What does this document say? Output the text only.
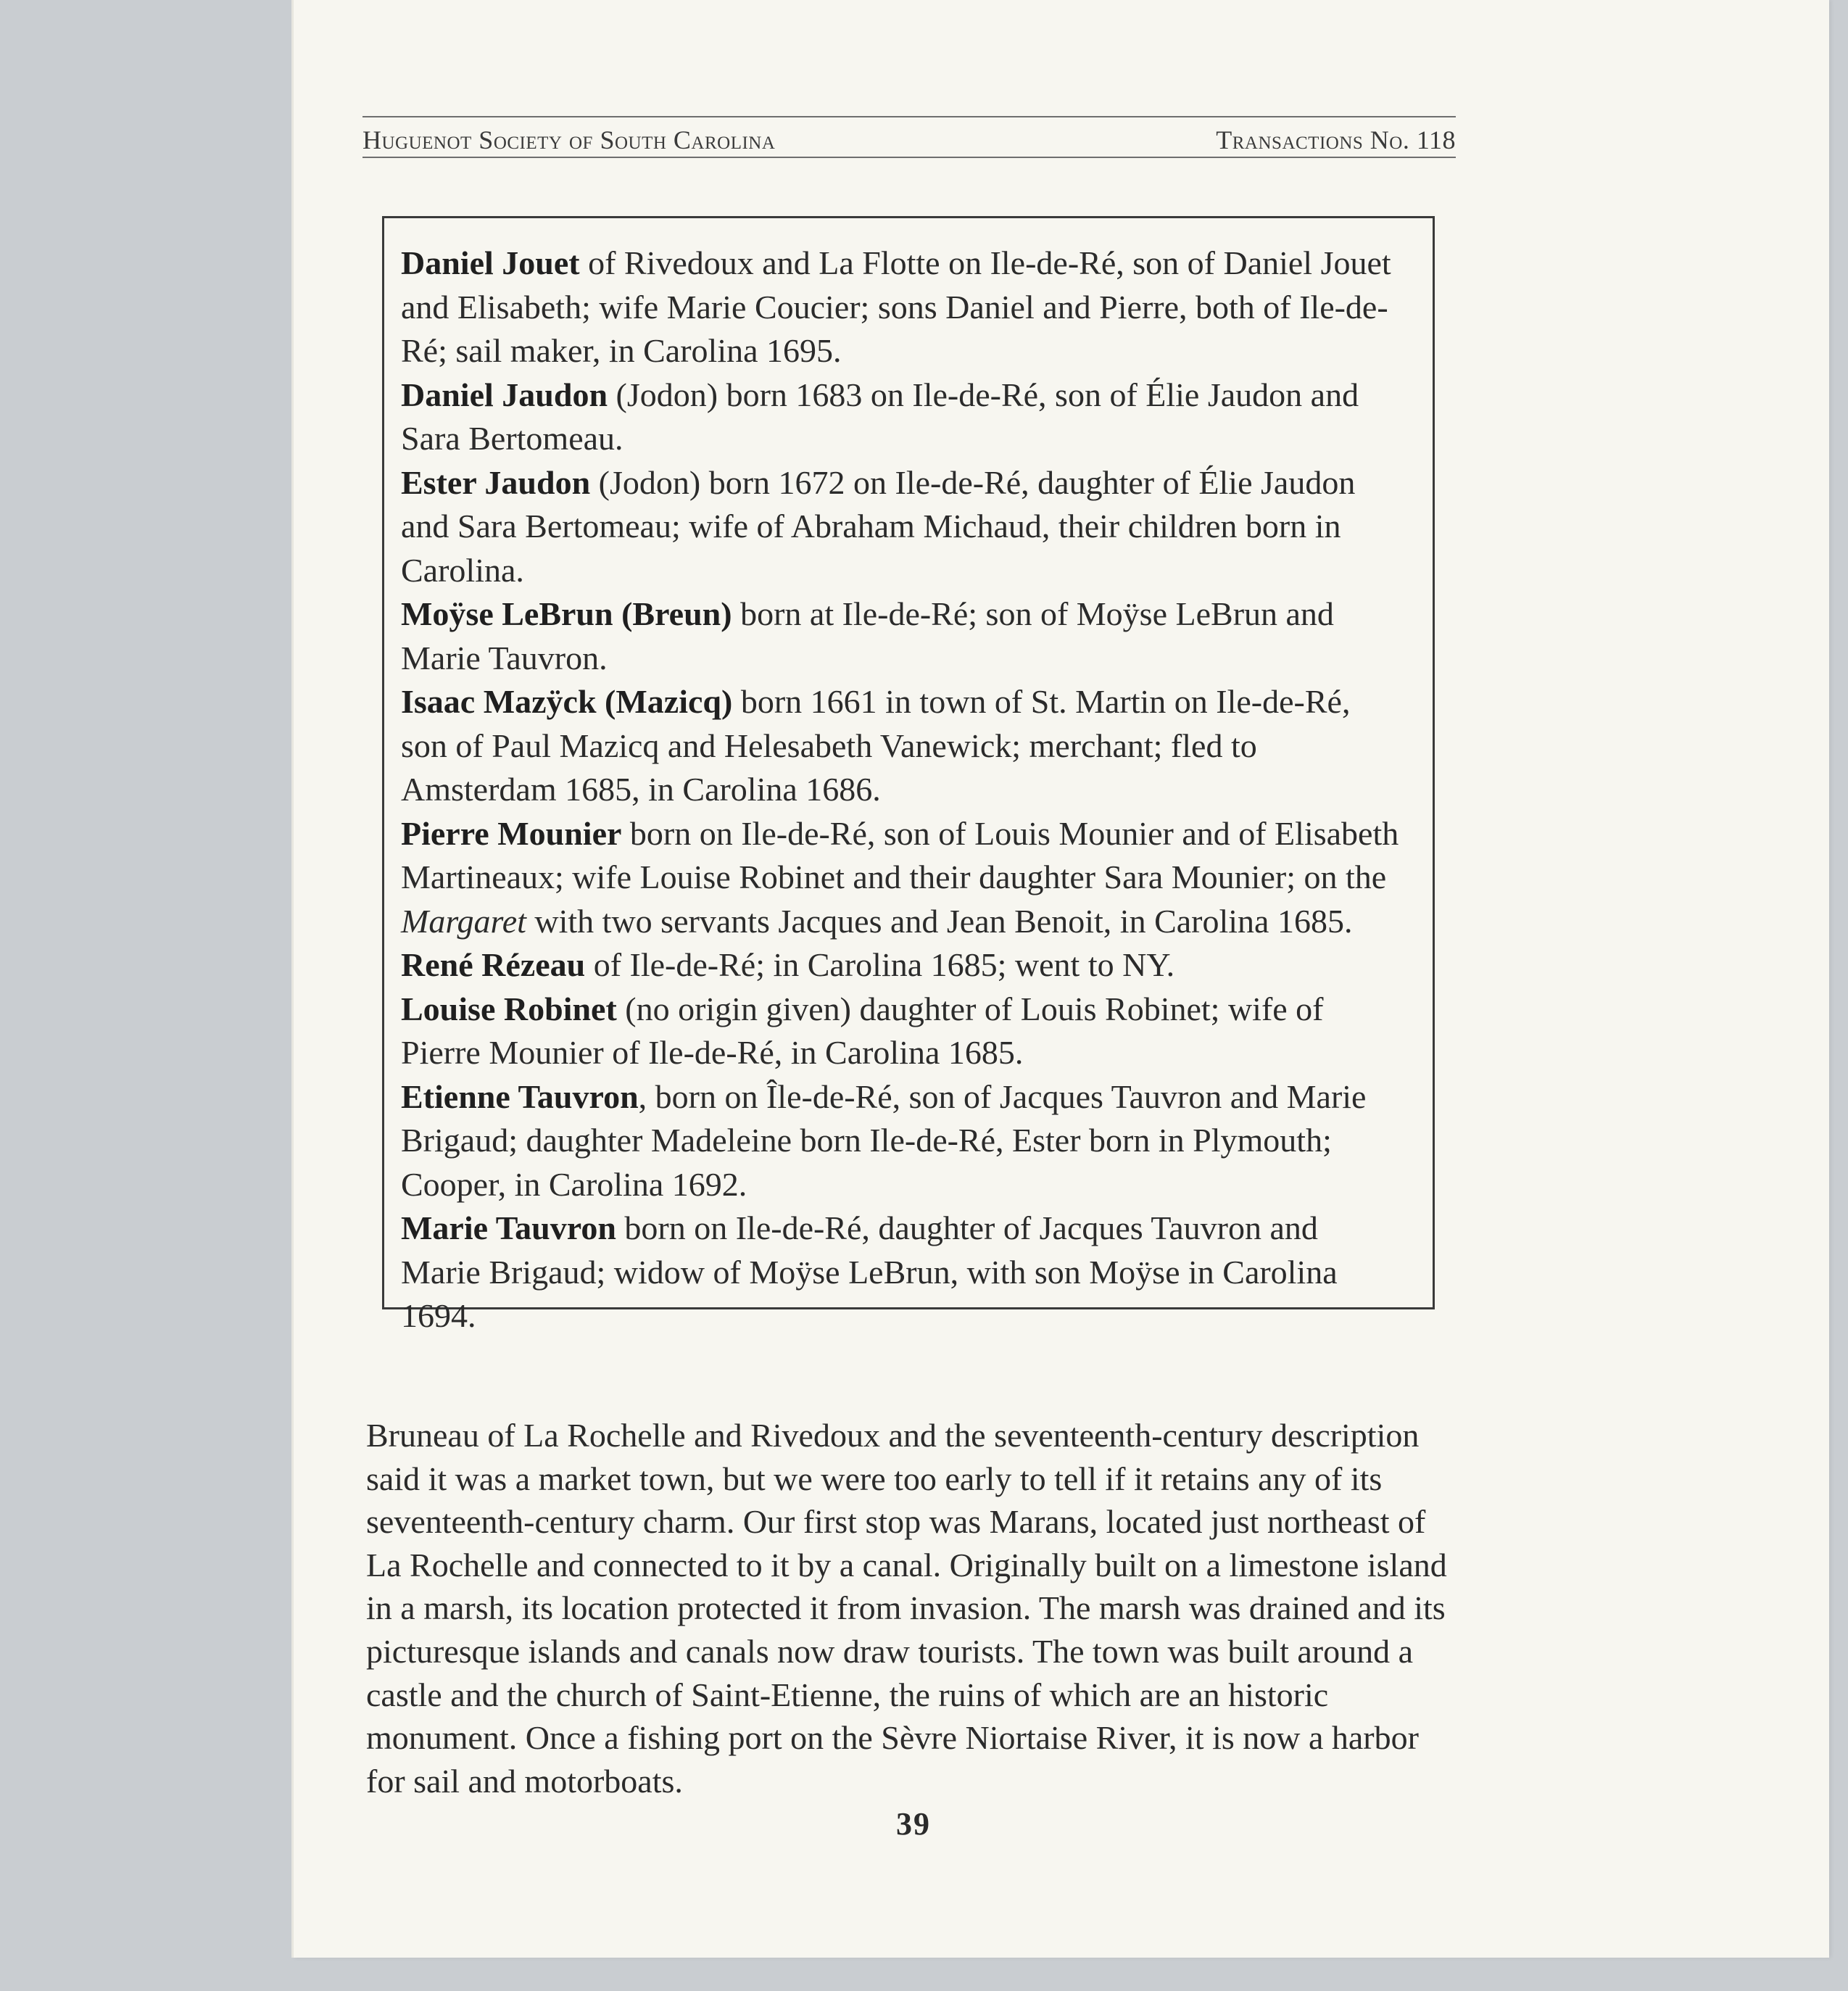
Huguenot Society of South Carolina	Transactions No. 118

Daniel Jouet of Rivedoux and La Flotte on Ile-de-Ré, son of Daniel Jouet and Elisabeth; wife Marie Coucier; sons Daniel and Pierre, both of Ile-de-Ré; sail maker, in Carolina 1695.

Daniel Jaudon (Jodon) born 1683 on Ile-de-Ré, son of Élie Jaudon and Sara Bertomeau.

Ester Jaudon (Jodon) born 1672 on Ile-de-Ré, daughter of Élie Jaudon and Sara Bertomeau; wife of Abraham Michaud, their children born in Carolina.

Moÿse LeBrun (Breun) born at Ile-de-Ré; son of Moÿse LeBrun and Marie Tauvron.

Isaac Mazÿck (Mazicq) born 1661 in town of St. Martin on Ile-de-Ré, son of Paul Mazicq and Helesabeth Vanewick; merchant; fled to Amsterdam 1685, in Carolina 1686.

Pierre Mounier born on Ile-de-Ré, son of Louis Mounier and of Elisabeth Martineaux; wife Louise Robinet and their daughter Sara Mounier; on the Margaret with two servants Jacques and Jean Benoit, in Carolina 1685.

René Rézeau of Ile-de-Ré; in Carolina 1685; went to NY.

Louise Robinet (no origin given) daughter of Louis Robinet; wife of Pierre Mounier of Ile-de-Ré, in Carolina 1685.

Etienne Tauvron, born on Île-de-Ré, son of Jacques Tauvron and Marie Brigaud; daughter Madeleine born Ile-de-Ré, Ester born in Plymouth; Cooper, in Carolina 1692.

Marie Tauvron born on Ile-de-Ré, daughter of Jacques Tauvron and Marie Brigaud; widow of Moÿse LeBrun, with son Moÿse in Carolina 1694.

Bruneau of La Rochelle and Rivedoux and the seventeenth-century description said it was a market town, but we were too early to tell if it retains any of its seventeenth-century charm. Our first stop was Marans, located just northeast of La Rochelle and connected to it by a canal. Originally built on a limestone island in a marsh, its location protected it from invasion. The marsh was drained and its picturesque islands and canals now draw tourists. The town was built around a castle and the church of Saint-Etienne, the ruins of which are an historic monument. Once a fishing port on the Sèvre Niortaise River, it is now a harbor for sail and motorboats.

39
